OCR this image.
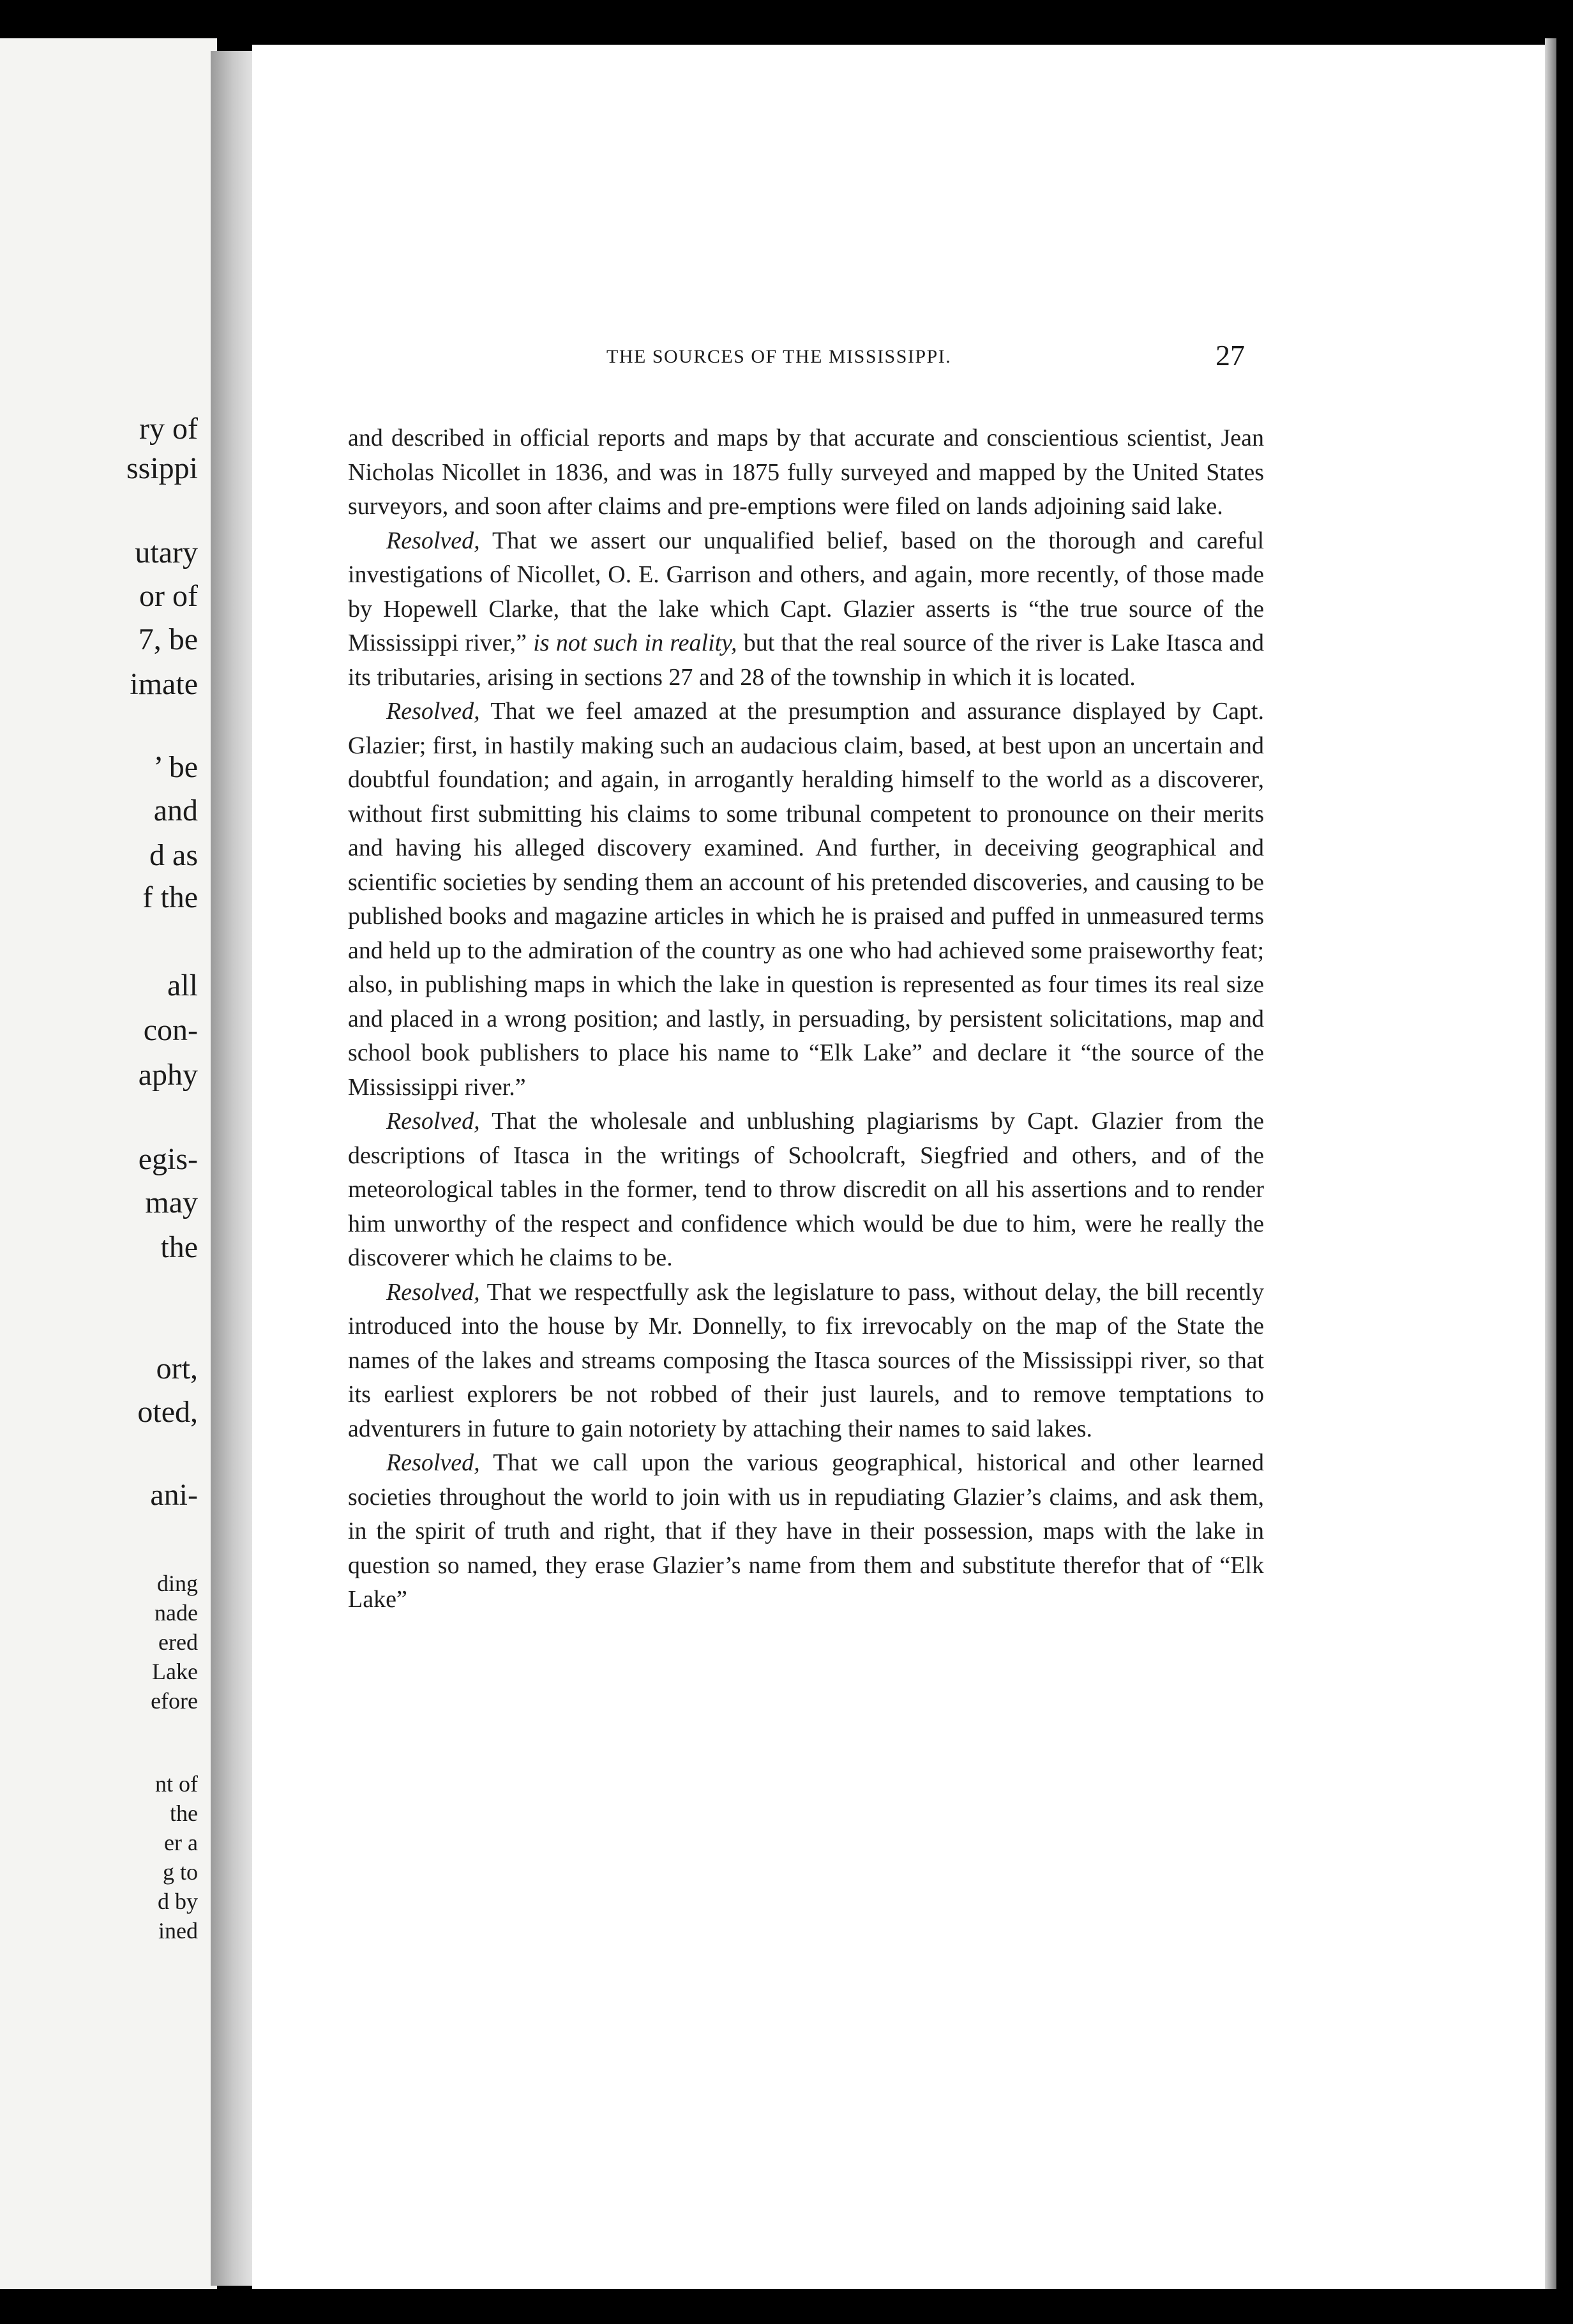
ry of
ssippi
utary
or of
7, be
imate
’ be
and
d as
f the
all
con-
aphy
egis-
may
the
ort,
oted,
ani-
ding
nade
ered
Lake
efore
nt of
the
er a
g to
d by
ined
THE SOURCES OF THE MISSISSIPPI.	27

and described in official reports and maps by that accurate and conscientious scientist, Jean Nicholas Nicollet in 1836, and was in 1875 fully surveyed and mapped by the United States surveyors, and soon after claims and pre-emptions were filed on lands adjoining said lake.

Resolved, That we assert our unqualified belief, based on the thorough and careful investigations of Nicollet, O. E. Garrison and others, and again, more recently, of those made by Hopewell Clarke, that the lake which Capt. Glazier asserts is “the true source of the Mississippi river,” is not such in reality, but that the real source of the river is Lake Itasca and its tributaries, arising in sections 27 and 28 of the township in which it is located.

Resolved, That we feel amazed at the presumption and assurance displayed by Capt. Glazier; first, in hastily making such an audacious claim, based, at best upon an uncertain and doubtful foundation; and again, in arrogantly heralding himself to the world as a discoverer, without first submitting his claims to some tribunal competent to pronounce on their merits and having his alleged discovery examined. And further, in deceiving geographical and scientific societies by sending them an account of his pretended discoveries, and causing to be published books and magazine articles in which he is praised and puffed in unmeasured terms and held up to the admiration of the country as one who had achieved some praiseworthy feat; also, in publishing maps in which the lake in question is represented as four times its real size and placed in a wrong position; and lastly, in persuading, by persistent solicitations, map and school book publishers to place his name to “Elk Lake” and declare it “the source of the Mississippi river.”

Resolved, That the wholesale and unblushing plagiarisms by Capt. Glazier from the descriptions of Itasca in the writings of Schoolcraft, Siegfried and others, and of the meteorological tables in the former, tend to throw discredit on all his assertions and to render him unworthy of the respect and confidence which would be due to him, were he really the discoverer which he claims to be.

Resolved, That we respectfully ask the legislature to pass, without delay, the bill recently introduced into the house by Mr. Donnelly, to fix irrevocably on the map of the State the names of the lakes and streams composing the Itasca sources of the Mississippi river, so that its earliest explorers be not robbed of their just laurels, and to remove temptations to adventurers in future to gain notoriety by attaching their names to said lakes.

Resolved, That we call upon the various geographical, historical and other learned societies throughout the world to join with us in repudiating Glazier’s claims, and ask them, in the spirit of truth and right, that if they have in their possession, maps with the lake in question so named, they erase Glazier’s name from them and substitute therefor that of “Elk Lake”
